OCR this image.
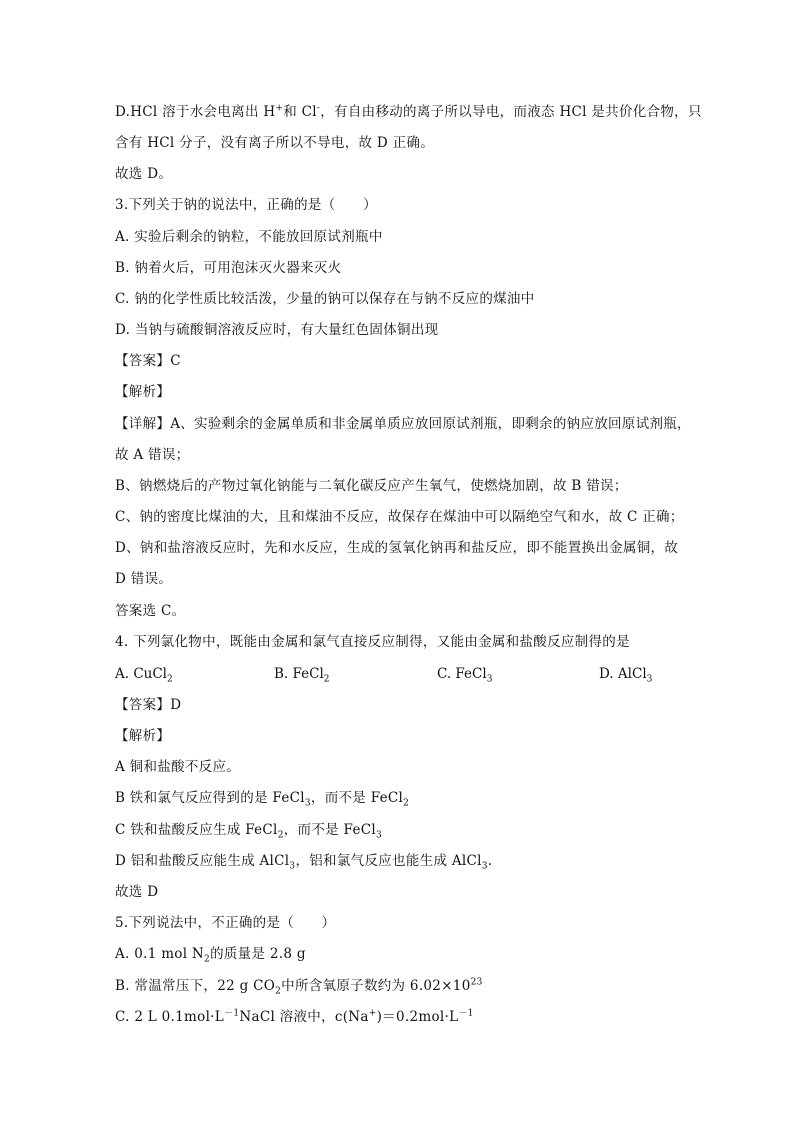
D.HCl 溶于水会电离出 H+和 Cl-，有自由移动的离子所以导电，而液态 HCl 是共价化合物，只
含有 HCl 分子，没有离子所以不导电，故 D 正确。
故选 D。
3.下列关于钠的说法中，正确的是（　　）
A. 实验后剩余的钠粒，不能放回原试剂瓶中
B. 钠着火后，可用泡沫灭火器来灭火
C. 钠的化学性质比较活泼，少量的钠可以保存在与钠不反应的煤油中
D. 当钠与硫酸铜溶液反应时，有大量红色固体铜出现
【答案】C
【解析】
【详解】A、实验剩余的金属单质和非金属单质应放回原试剂瓶，即剩余的钠应放回原试剂瓶，
故 A 错误；
B、钠燃烧后的产物过氧化钠能与二氧化碳反应产生氧气，使燃烧加剧，故 B 错误；
C、钠的密度比煤油的大，且和煤油不反应，故保存在煤油中可以隔绝空气和水，故 C 正确；
D、钠和盐溶液反应时，先和水反应，生成的氢氧化钠再和盐反应，即不能置换出金属铜，故
D 错误。
答案选 C。
4. 下列氯化物中，既能由金属和氯气直接反应制得，又能由金属和盐酸反应制得的是
A. CuCl$_2$	B. FeCl$_2$	C. FeCl$_3$	D. AlCl$_3$
【答案】D
【解析】
A 铜和盐酸不反应。
B 铁和氯气反应得到的是 FeCl$_3$，而不是 FeCl$_2$
C 铁和盐酸反应生成 FeCl$_2$，而不是 FeCl$_3$
D 铝和盐酸反应能生成 AlCl$_3$，铝和氯气反应也能生成 AlCl$_3$.
故选 D
5.下列说法中，不正确的是（　　）
A. 0.1 mol $N_2$的质量是 2.8 g
B. 常温常压下，22 g $CO_2$中所含氧原子数约为 $6.02\times 10^{23}$
C. 2 L $0.1mol\cdot L^{-1}NaCl$ 溶液中，$c(Na^+)=0.2mol\cdot L^{-1}$
